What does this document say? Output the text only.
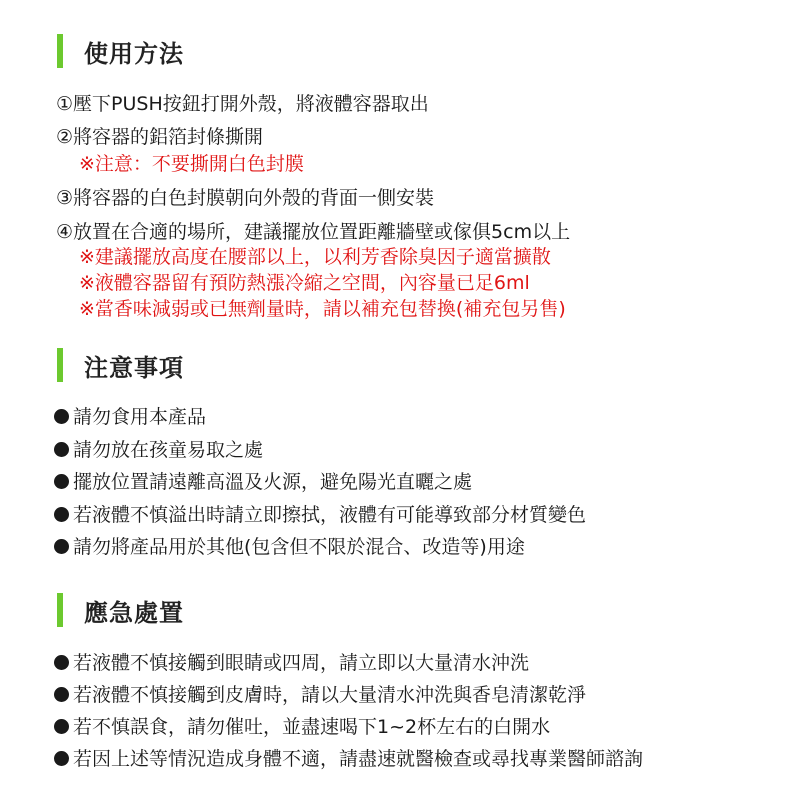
使用方法
①壓下PUSH按鈕打開外殼，將液體容器取出
②將容器的鋁箔封條撕開
※注意：不要撕開白色封膜
③將容器的白色封膜朝向外殼的背面一側安裝
④放置在合適的場所，建議擺放位置距離牆壁或傢俱5cm以上
※建議擺放高度在腰部以上，以利芳香除臭因子適當擴散
※液體容器留有預防熱漲冷縮之空間，內容量已足6ml
※當香味減弱或已無劑量時，請以補充包替換(補充包另售)
注意事項
請勿食用本產品
請勿放在孩童易取之處
擺放位置請遠離高溫及火源，避免陽光直曬之處
若液體不慎溢出時請立即擦拭，液體有可能導致部分材質變色
請勿將產品用於其他(包含但不限於混合、改造等)用途
應急處置
若液體不慎接觸到眼睛或四周，請立即以大量清水沖洗
若液體不慎接觸到皮膚時，請以大量清水沖洗與香皂清潔乾淨
若不慎誤食，請勿催吐，並盡速喝下1~2杯左右的白開水
若因上述等情況造成身體不適，請盡速就醫檢查或尋找專業醫師諮詢
